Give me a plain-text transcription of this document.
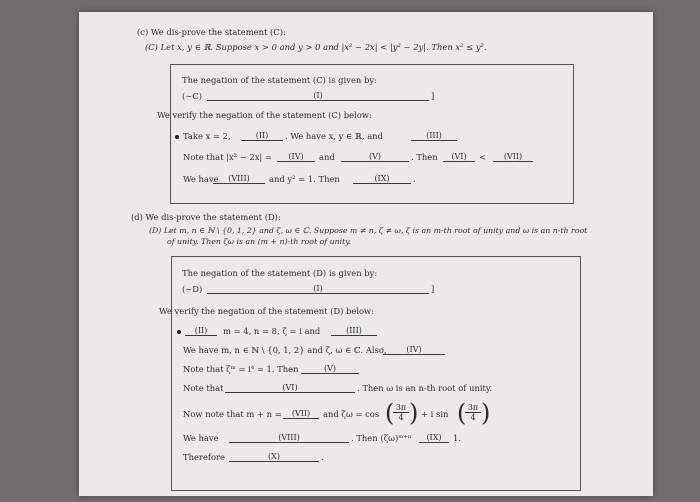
(c) We dis-prove the statement (C):
(C) Let x, y ∈ ℝ. Suppose x > 0 and y > 0 and |x² − 2x| < |y² − 2y|. Then x² ≤ y².
The negation of the statement (C) is given by:
(∼C)	(I)	]
We verify the negation of the statement (C) below:
Take x = 2,	(II)	. We have x, y ∈ ℝ, and	(III)
Note that |x² − 2x| =	(IV)	and	(V)	. Then	(VI)	<	(VII)
We have	(VIII)	and y² = 1. Then	(IX)	.
(d) We dis-prove the statement (D):
(D) Let m, n ∈ ℕ \ {0, 1, 2} and ζ, ω ∈ ℂ. Suppose m ≠ n, ζ ≠ ω, ζ is an m-th root of unity and ω is an n-th root
of unity. Then ζω is an (m + n)-th root of unity.
The negation of the statement (D) is given by:
(∼D)	(I)	]
We verify the negation of the statement (D) below:
(II)	m = 4, n = 8, ζ = i and	(III)
We have m, n ∈ ℕ \ {0, 1, 2} and ζ, ω ∈ ℂ. Also,	(IV)
Note that ζᵐ = i⁴ = 1. Then	(V)
Note that	(VI)	. Then ω is an n-th root of unity.
Now note that m + n =	(VII)	and ζω = cos (
$\frac{3\pi}{4}$ ) + i sin (
$\frac{3\pi}{4}$ )
We have	(VIII)	. Then (ζω)ᵐ⁺ⁿ	(IX)	1.
Therefore	(X)	.
